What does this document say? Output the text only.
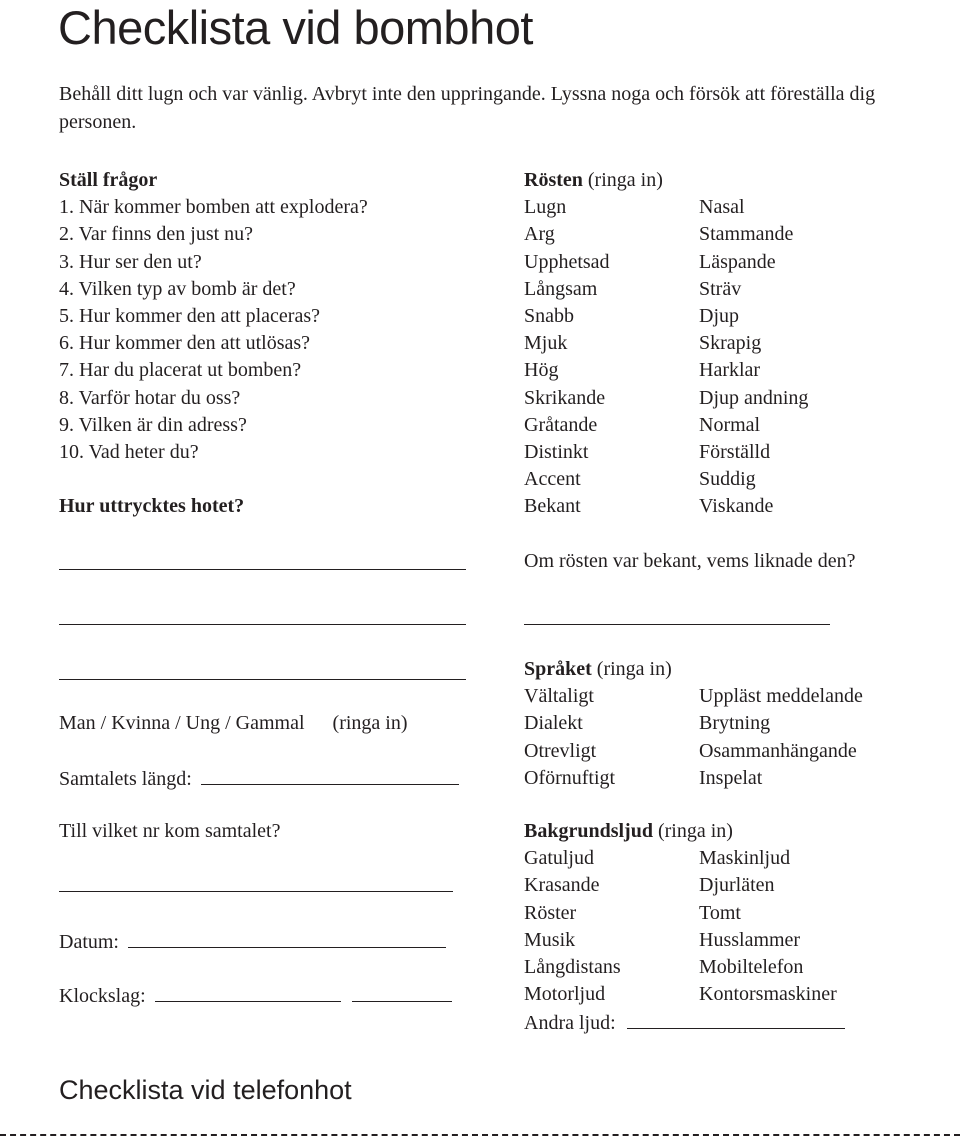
Checklista vid bombhot

Behåll ditt lugn och var vänlig. Avbryt inte den uppringande. Lyssna noga och försök att föreställa dig personen.

Ställ frågor
1. När kommer bomben att explodera?
2. Var finns den just nu?
3. Hur ser den ut?
4. Vilken typ av bomb är det?
5. Hur kommer den att placeras?
6. Hur kommer den att utlösas?
7. Har du placerat ut bomben?
8. Varför hotar du oss?
9. Vilken är din adress?
10. Vad heter du?
Hur uttrycktes hotet?
Man / Kvinna / Ung / Gammal (ringa in)
Samtalets längd:
Till vilket nr kom samtalet?
Datum:
Klockslag:
Rösten (ringa in)
Lugn	Nasal
Arg	Stammande
Upphetsad	Läspande
Långsam	Sträv
Snabb	Djup
Mjuk	Skrapig
Hög	Harklar
Skrikande	Djup andning
Gråtande	Normal
Distinkt	Förställd
Accent	Suddig
Bekant	Viskande
Om rösten var bekant, vems liknade den?
Språket (ringa in)
Vältaligt	Uppläst meddelande
Dialekt	Brytning
Otrevligt	Osammanhängande
Oförnuftigt	Inspelat
Bakgrundsljud (ringa in)
Gatuljud	Maskinljud
Krasande	Djurläten
Röster	Tomt
Musik	Husslammer
Långdistans	Mobiltelefon
Motorljud	Kontorsmaskiner
Andra ljud:
Checklista vid telefonhot
